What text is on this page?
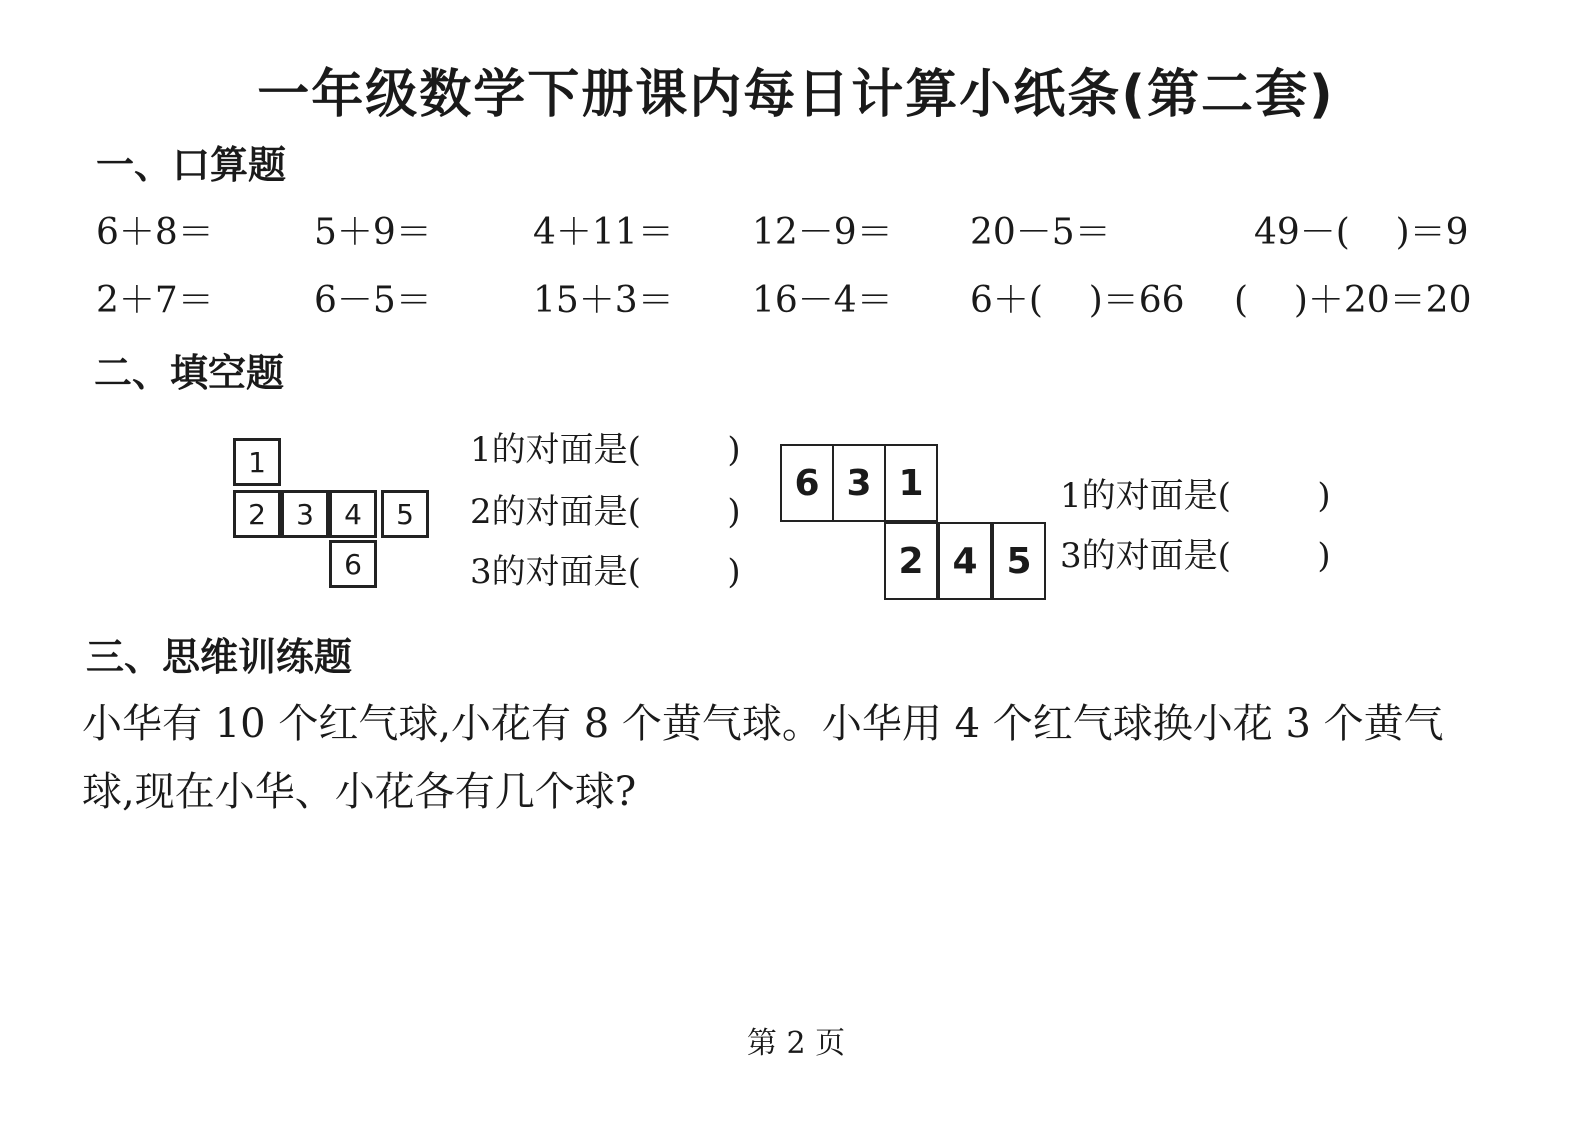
一年级数学下册课内每日计算小纸条(第二套)
一、口算题
6＋8＝	5＋9＝	4＋11＝ 12－9＝ 20－5＝	49－(    )＝9
2＋7＝	6－5＝	15＋3＝ 16－4＝ 6＋(    )＝66 (    )＋20＝20
二、填空题
1
2	3	4	5
6
1的对面是(        )
2的对面是(        )
3的对面是(        )
6 3 1
2 4 5
1的对面是(        )
3的对面是(        )
三、思维训练题
小华有 10 个红气球,小花有 8 个黄气球。小华用 4 个红气球换小花 3 个黄气
球,现在小华、小花各有几个球?
第 2 页
